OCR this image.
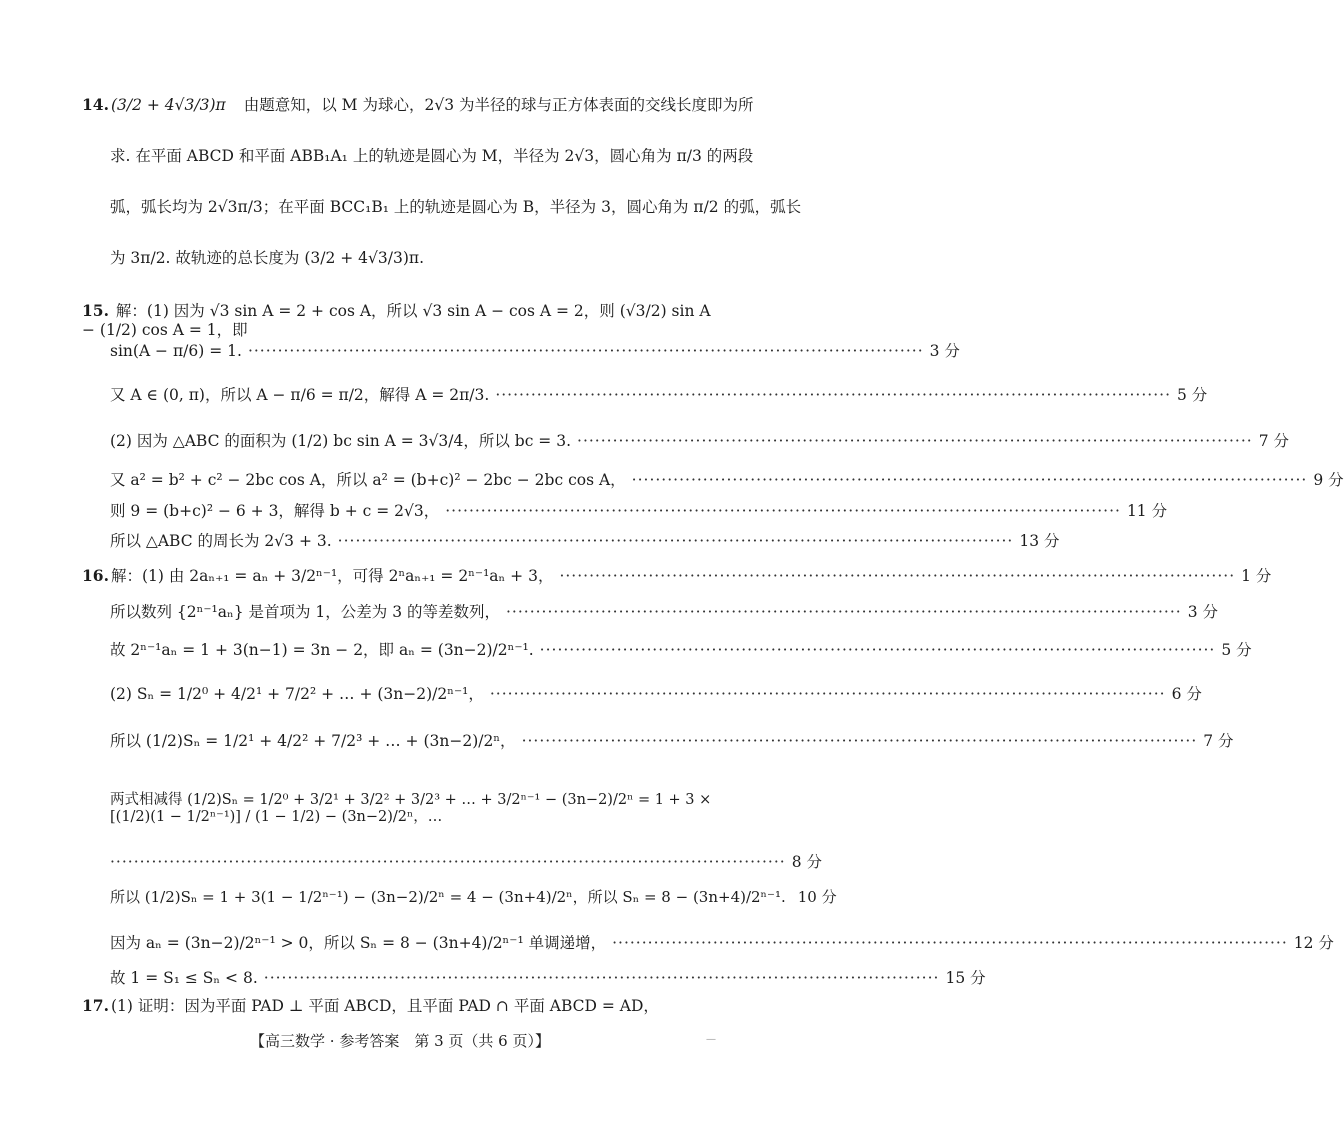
14. (3/2 + 4√3/3)π 由题意知，以 M 为球心，2√3 为半径的球与正方体表面的交线长度即为所
求. 在平面 ABCD 和平面 ABB₁A₁ 上的轨迹是圆心为 M，半径为 2√3，圆心角为 π/3 的两段
弧，弧长均为 2√3π/3；在平面 BCC₁B₁ 上的轨迹是圆心为 B，半径为 3，圆心角为 π/2 的弧，弧长
为 3π/2. 故轨迹的总长度为 (3/2 + 4√3/3)π.
15. 解：(1) 因为 √3 sin A = 2 + cos A，所以 √3 sin A − cos A = 2，则 (√3/2) sin A − (1/2) cos A = 1，即
sin(A − π/6) = 1. ·················································································································· 3 分
又 A ∈ (0, π)，所以 A − π/6 = π/2，解得 A = 2π/3. ·················································································································· 5 分
(2) 因为 △ABC 的面积为 (1/2) bc sin A = 3√3/4，所以 bc = 3. ·················································································································· 7 分
又 a² = b² + c² − 2bc cos A，所以 a² = (b+c)² − 2bc − 2bc cos A， ·················································································································· 9 分
则 9 = (b+c)² − 6 + 3，解得 b + c = 2√3， ·················································································································· 11 分
所以 △ABC 的周长为 2√3 + 3. ·················································································································· 13 分
16. 解：(1) 由 2aₙ₊₁ = aₙ + 3/2ⁿ⁻¹，可得 2ⁿaₙ₊₁ = 2ⁿ⁻¹aₙ + 3， ·················································································································· 1 分
所以数列 {2ⁿ⁻¹aₙ} 是首项为 1，公差为 3 的等差数列， ·················································································································· 3 分
故 2ⁿ⁻¹aₙ = 1 + 3(n−1) = 3n − 2，即 aₙ = (3n−2)/2ⁿ⁻¹. ·················································································································· 5 分
(2) Sₙ = 1/2⁰ + 4/2¹ + 7/2² + … + (3n−2)/2ⁿ⁻¹， ·················································································································· 6 分
所以 (1/2)Sₙ = 1/2¹ + 4/2² + 7/2³ + … + (3n−2)/2ⁿ， ·················································································································· 7 分
两式相减得 (1/2)Sₙ = 1/2⁰ + 3/2¹ + 3/2² + 3/2³ + … + 3/2ⁿ⁻¹ − (3n−2)/2ⁿ = 1 + 3 × [(1/2)(1 − 1/2ⁿ⁻¹)] / (1 − 1/2) − (3n−2)/2ⁿ，…
·················································································································· 8 分
所以 (1/2)Sₙ = 1 + 3(1 − 1/2ⁿ⁻¹) − (3n−2)/2ⁿ = 4 − (3n+4)/2ⁿ，所以 Sₙ = 8 − (3n+4)/2ⁿ⁻¹. 10 分
因为 aₙ = (3n−2)/2ⁿ⁻¹ > 0，所以 Sₙ = 8 − (3n+4)/2ⁿ⁻¹ 单调递增， ·················································································································· 12 分
故 1 = S₁ ≤ Sₙ < 8. ·················································································································· 15 分
17. (1) 证明：因为平面 PAD ⊥ 平面 ABCD，且平面 PAD ∩ 平面 ABCD = AD，
【高三数学 · 参考答案　第 3 页（共 6 页）】	—
